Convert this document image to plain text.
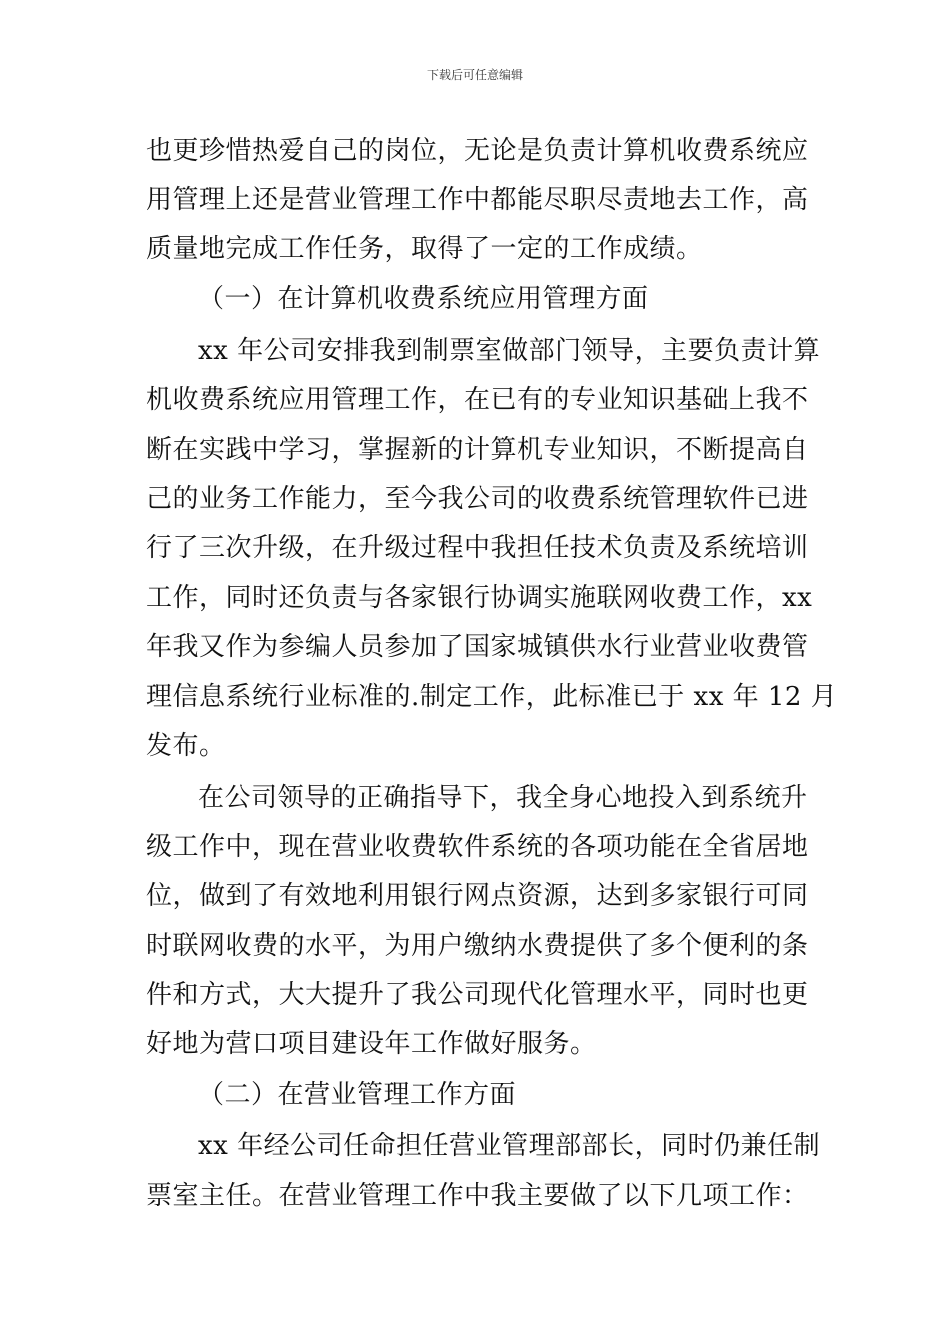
下载后可任意编辑
也更珍惜热爱自己的岗位，无论是负责计算机收费系统应
用管理上还是营业管理工作中都能尽职尽责地去工作，高
质量地完成工作任务，取得了一定的工作成绩。
（一）在计算机收费系统应用管理方面
xx 年公司安排我到制票室做部门领导，主要负责计算
机收费系统应用管理工作，在已有的专业知识基础上我不
断在实践中学习，掌握新的计算机专业知识，不断提高自
己的业务工作能力，至今我公司的收费系统管理软件已进
行了三次升级，在升级过程中我担任技术负责及系统培训
工作，同时还负责与各家银行协调实施联网收费工作，xx
年我又作为参编人员参加了国家城镇供水行业营业收费管
理信息系统行业标准的.制定工作，此标准已于 xx 年 12 月
发布。
在公司领导的正确指导下，我全身心地投入到系统升
级工作中，现在营业收费软件系统的各项功能在全省居地
位，做到了有效地利用银行网点资源，达到多家银行可同
时联网收费的水平，为用户缴纳水费提供了多个便利的条
件和方式，大大提升了我公司现代化管理水平，同时也更
好地为营口项目建设年工作做好服务。
（二）在营业管理工作方面
xx 年经公司任命担任营业管理部部长，同时仍兼任制
票室主任。在营业管理工作中我主要做了以下几项工作：
